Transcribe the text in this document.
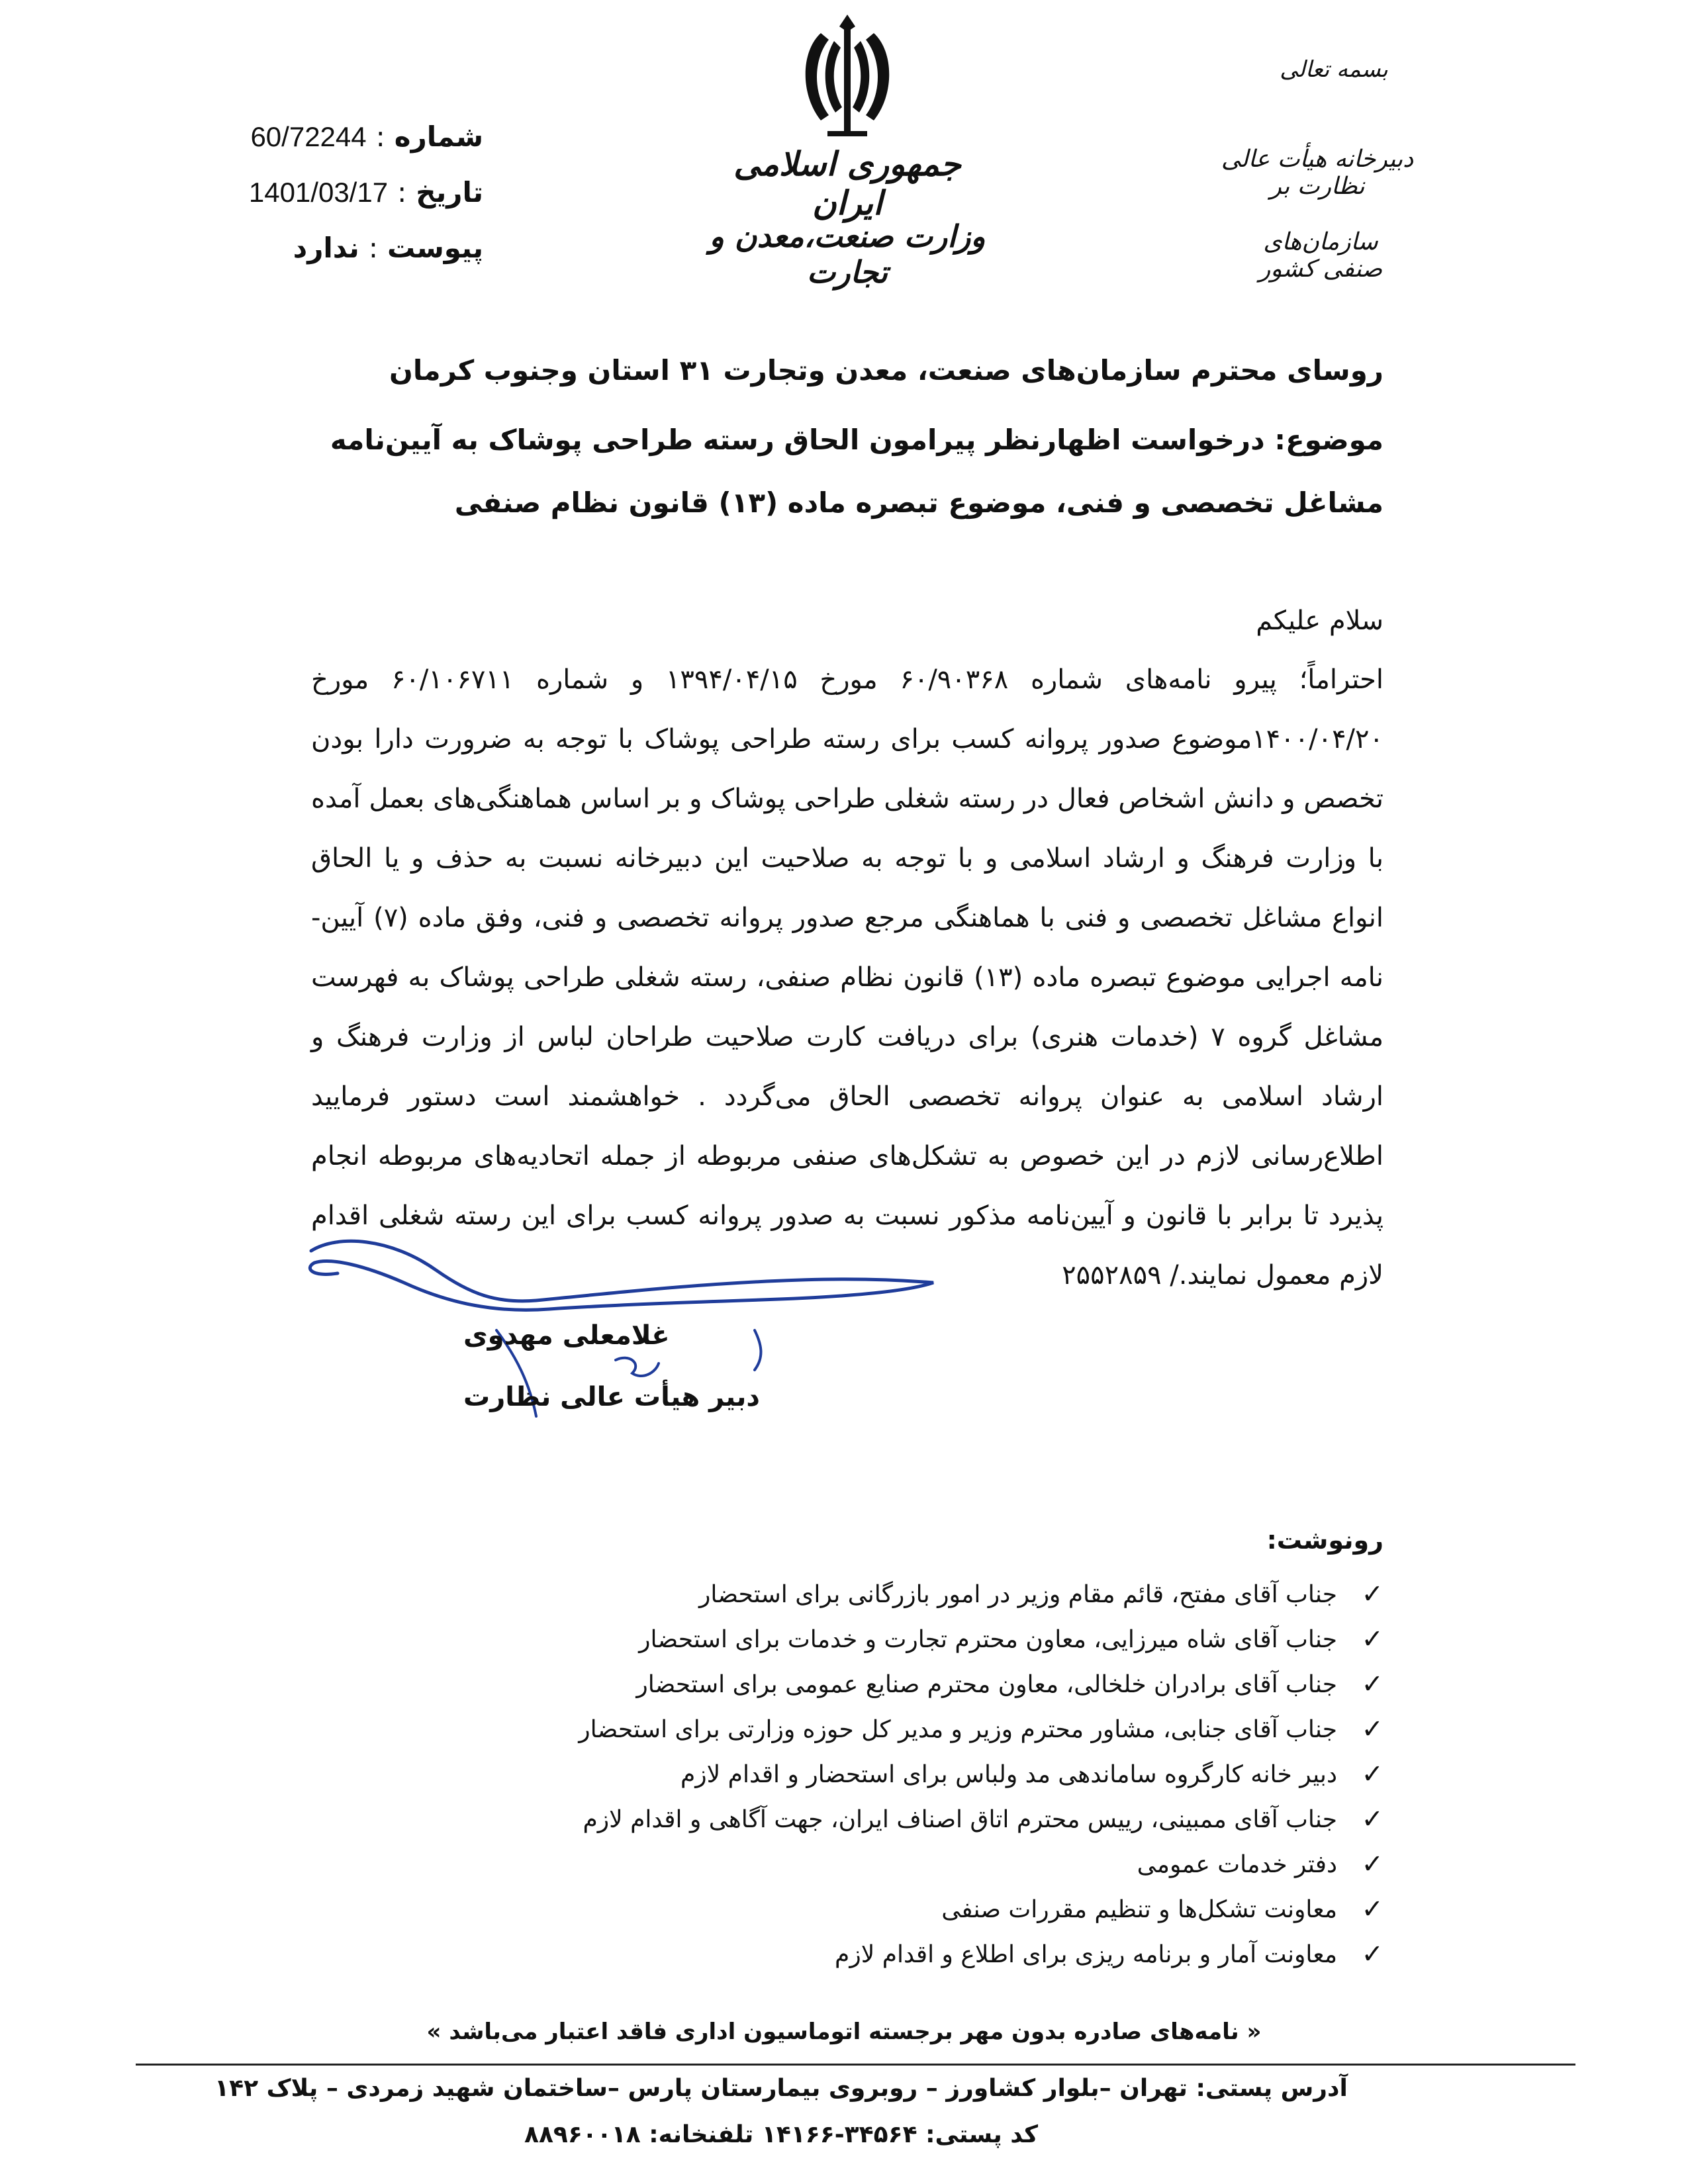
شماره
:
60/72244
تاریخ
:
1401/03/17
پیوست
:
ندارد
جمهوری اسلامی ایران
وزارت صنعت،معدن و تجارت
بسمه تعالی
دبیرخانه هیأت عالی نظارت بر
سازمان‌های صنفی کشور
روسای محترم سازمان‌های صنعت، معدن وتجارت ۳۱ استان وجنوب کرمان
موضوع: درخواست اظهارنظر پیرامون الحاق رسته طراحی پوشاک به آیین‌نامه مشاغل تخصصی و فنی، موضوع تبصره ماده (۱۳) قانون نظام صنفی
سلام علیکم
احتراماً؛ پیرو نامه‌های شماره ۶۰/۹۰۳۶۸ مورخ ۱۳۹۴/۰۴/۱۵ و شماره ۶۰/۱۰۶۷۱۱ مورخ ۱۴۰۰/۰۴/۲۰موضوع صدور پروانه کسب برای رسته طراحی پوشاک با توجه به ضرورت دارا بودن تخصص و دانش اشخاص فعال در رسته شغلی طراحی پوشاک و بر اساس هماهنگی‌های بعمل آمده با وزارت فرهنگ و ارشاد اسلامی و با توجه به صلاحیت این دبیرخانه نسبت به حذف و یا الحاق انواع مشاغل تخصصی و فنی با هماهنگی مرجع صدور پروانه تخصصی و فنی، وفق ماده (۷) آیین-نامه اجرایی موضوع تبصره ماده (۱۳) قانون نظام صنفی، رسته شغلی طراحی پوشاک به فهرست مشاغل گروه ۷ (خدمات هنری) برای دریافت کارت صلاحیت طراحان لباس از وزارت فرهنگ و ارشاد اسلامی به عنوان پروانه تخصصی الحاق می‌گردد . خواهشمند است دستور فرمایید اطلاع‌رسانی لازم در این خصوص به تشکل‌های صنفی مربوطه از جمله اتحادیه‌های مربوطه انجام پذیرد تا برابر با قانون و آیین‌نامه مذکور نسبت به صدور پروانه کسب برای این رسته شغلی اقدام لازم معمول نمایند./ ۲۵۵۲۸۵۹
غلامعلی مهدوی
دبیر هیأت عالی نظارت
رونوشت:
✓
جناب آقای مفتح، قائم مقام وزیر در امور بازرگانی برای استحضار
✓
جناب آقای شاه میرزایی، معاون محترم تجارت و خدمات برای استحضار
✓
جناب آقای برادران خلخالی، معاون محترم صنایع عمومی برای استحضار
✓
جناب آقای جنابی، مشاور محترم وزیر و مدیر کل حوزه وزارتی برای استحضار
✓
دبیر خانه کارگروه ساماندهی مد ولباس برای استحضار و اقدام لازم
✓
جناب آقای ممبینی، رییس محترم اتاق اصناف ایران، جهت آگاهی و اقدام لازم
✓
دفتر خدمات عمومی
✓
معاونت تشکل‌ها و تنظیم مقررات صنفی
✓
معاونت آمار و برنامه ریزی برای اطلاع و اقدام لازم
« نامه‌های صادره بدون مهر برجسته اتوماسیون اداری فاقد اعتبار می‌باشد »
آدرس پستی: تهران –بلوار کشاورز – روبروی بیمارستان پارس –ساختمان شهید زمردی – پلاک ۱۴۲
کد پستی: ۳۴۵۶۴-۱۴۱۶۶ تلفنخانه: ۸۸۹۶۰۰۱۸
